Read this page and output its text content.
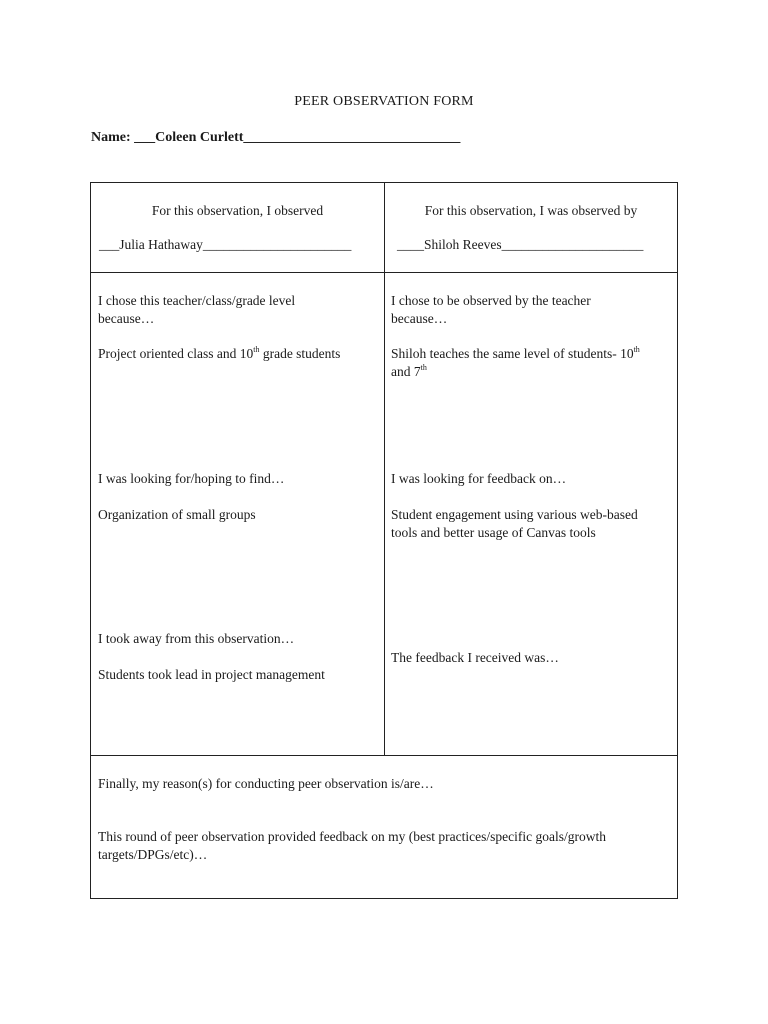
PEER OBSERVATION FORM
Name: ___Coleen Curlett_______________________________
For this observation, I observed
___Julia Hathaway______________________
For this observation, I was observed by
____Shiloh Reeves_____________________
I chose this teacher/class/grade level
because…
Project oriented class and 10th grade students
I was looking for/hoping to find…
Organization of small groups
I took away from this observation…
Students took lead in project management
I chose to be observed by the teacher
because…
Shiloh teaches the same level of students- 10th
and 7th
I was looking for feedback on…
Student engagement using various web-based
tools and better usage of Canvas tools
The feedback I received was…
Finally, my reason(s) for conducting peer observation is/are…
This round of peer observation provided feedback on my (best practices/specific goals/growth
targets/DPGs/etc)…
